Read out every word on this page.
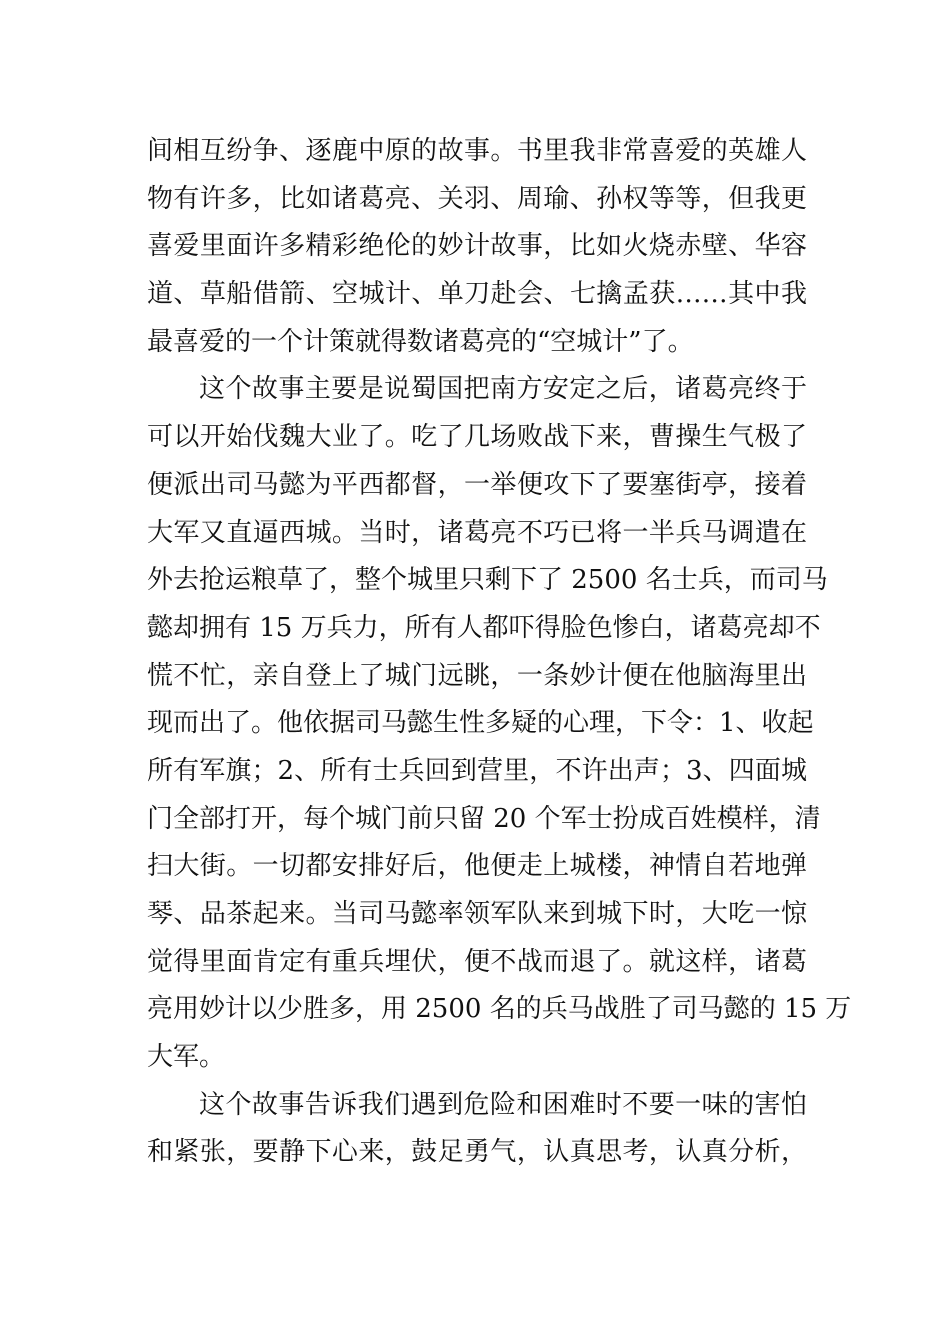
间相互纷争、逐鹿中原的故事。书里我非常喜爱的英雄人
物有许多，比如诸葛亮、关羽、周瑜、孙权等等，但我更
喜爱里面许多精彩绝伦的妙计故事，比如火烧赤壁、华容
道、草船借箭、空城计、单刀赴会、七擒孟获……其中我
最喜爱的一个计策就得数诸葛亮的“空城计”了。
这个故事主要是说蜀国把南方安定之后，诸葛亮终于
可以开始伐魏大业了。吃了几场败战下来，曹操生气极了
便派出司马懿为平西都督，一举便攻下了要塞街亭，接着
大军又直逼西城。当时，诸葛亮不巧已将一半兵马调遣在
外去抢运粮草了，整个城里只剩下了 2500 名士兵，而司马
懿却拥有 15 万兵力，所有人都吓得脸色惨白，诸葛亮却不
慌不忙，亲自登上了城门远眺，一条妙计便在他脑海里出
现而出了。他依据司马懿生性多疑的心理，下令：1、收起
所有军旗；2、所有士兵回到营里，不许出声；3、四面城
门全部打开，每个城门前只留 20 个军士扮成百姓模样，清
扫大街。一切都安排好后，他便走上城楼，神情自若地弹
琴、品茶起来。当司马懿率领军队来到城下时，大吃一惊
觉得里面肯定有重兵埋伏，便不战而退了。就这样，诸葛
亮用妙计以少胜多，用 2500 名的兵马战胜了司马懿的 15 万
大军。
这个故事告诉我们遇到危险和困难时不要一味的害怕
和紧张，要静下心来，鼓足勇气，认真思考，认真分析，
